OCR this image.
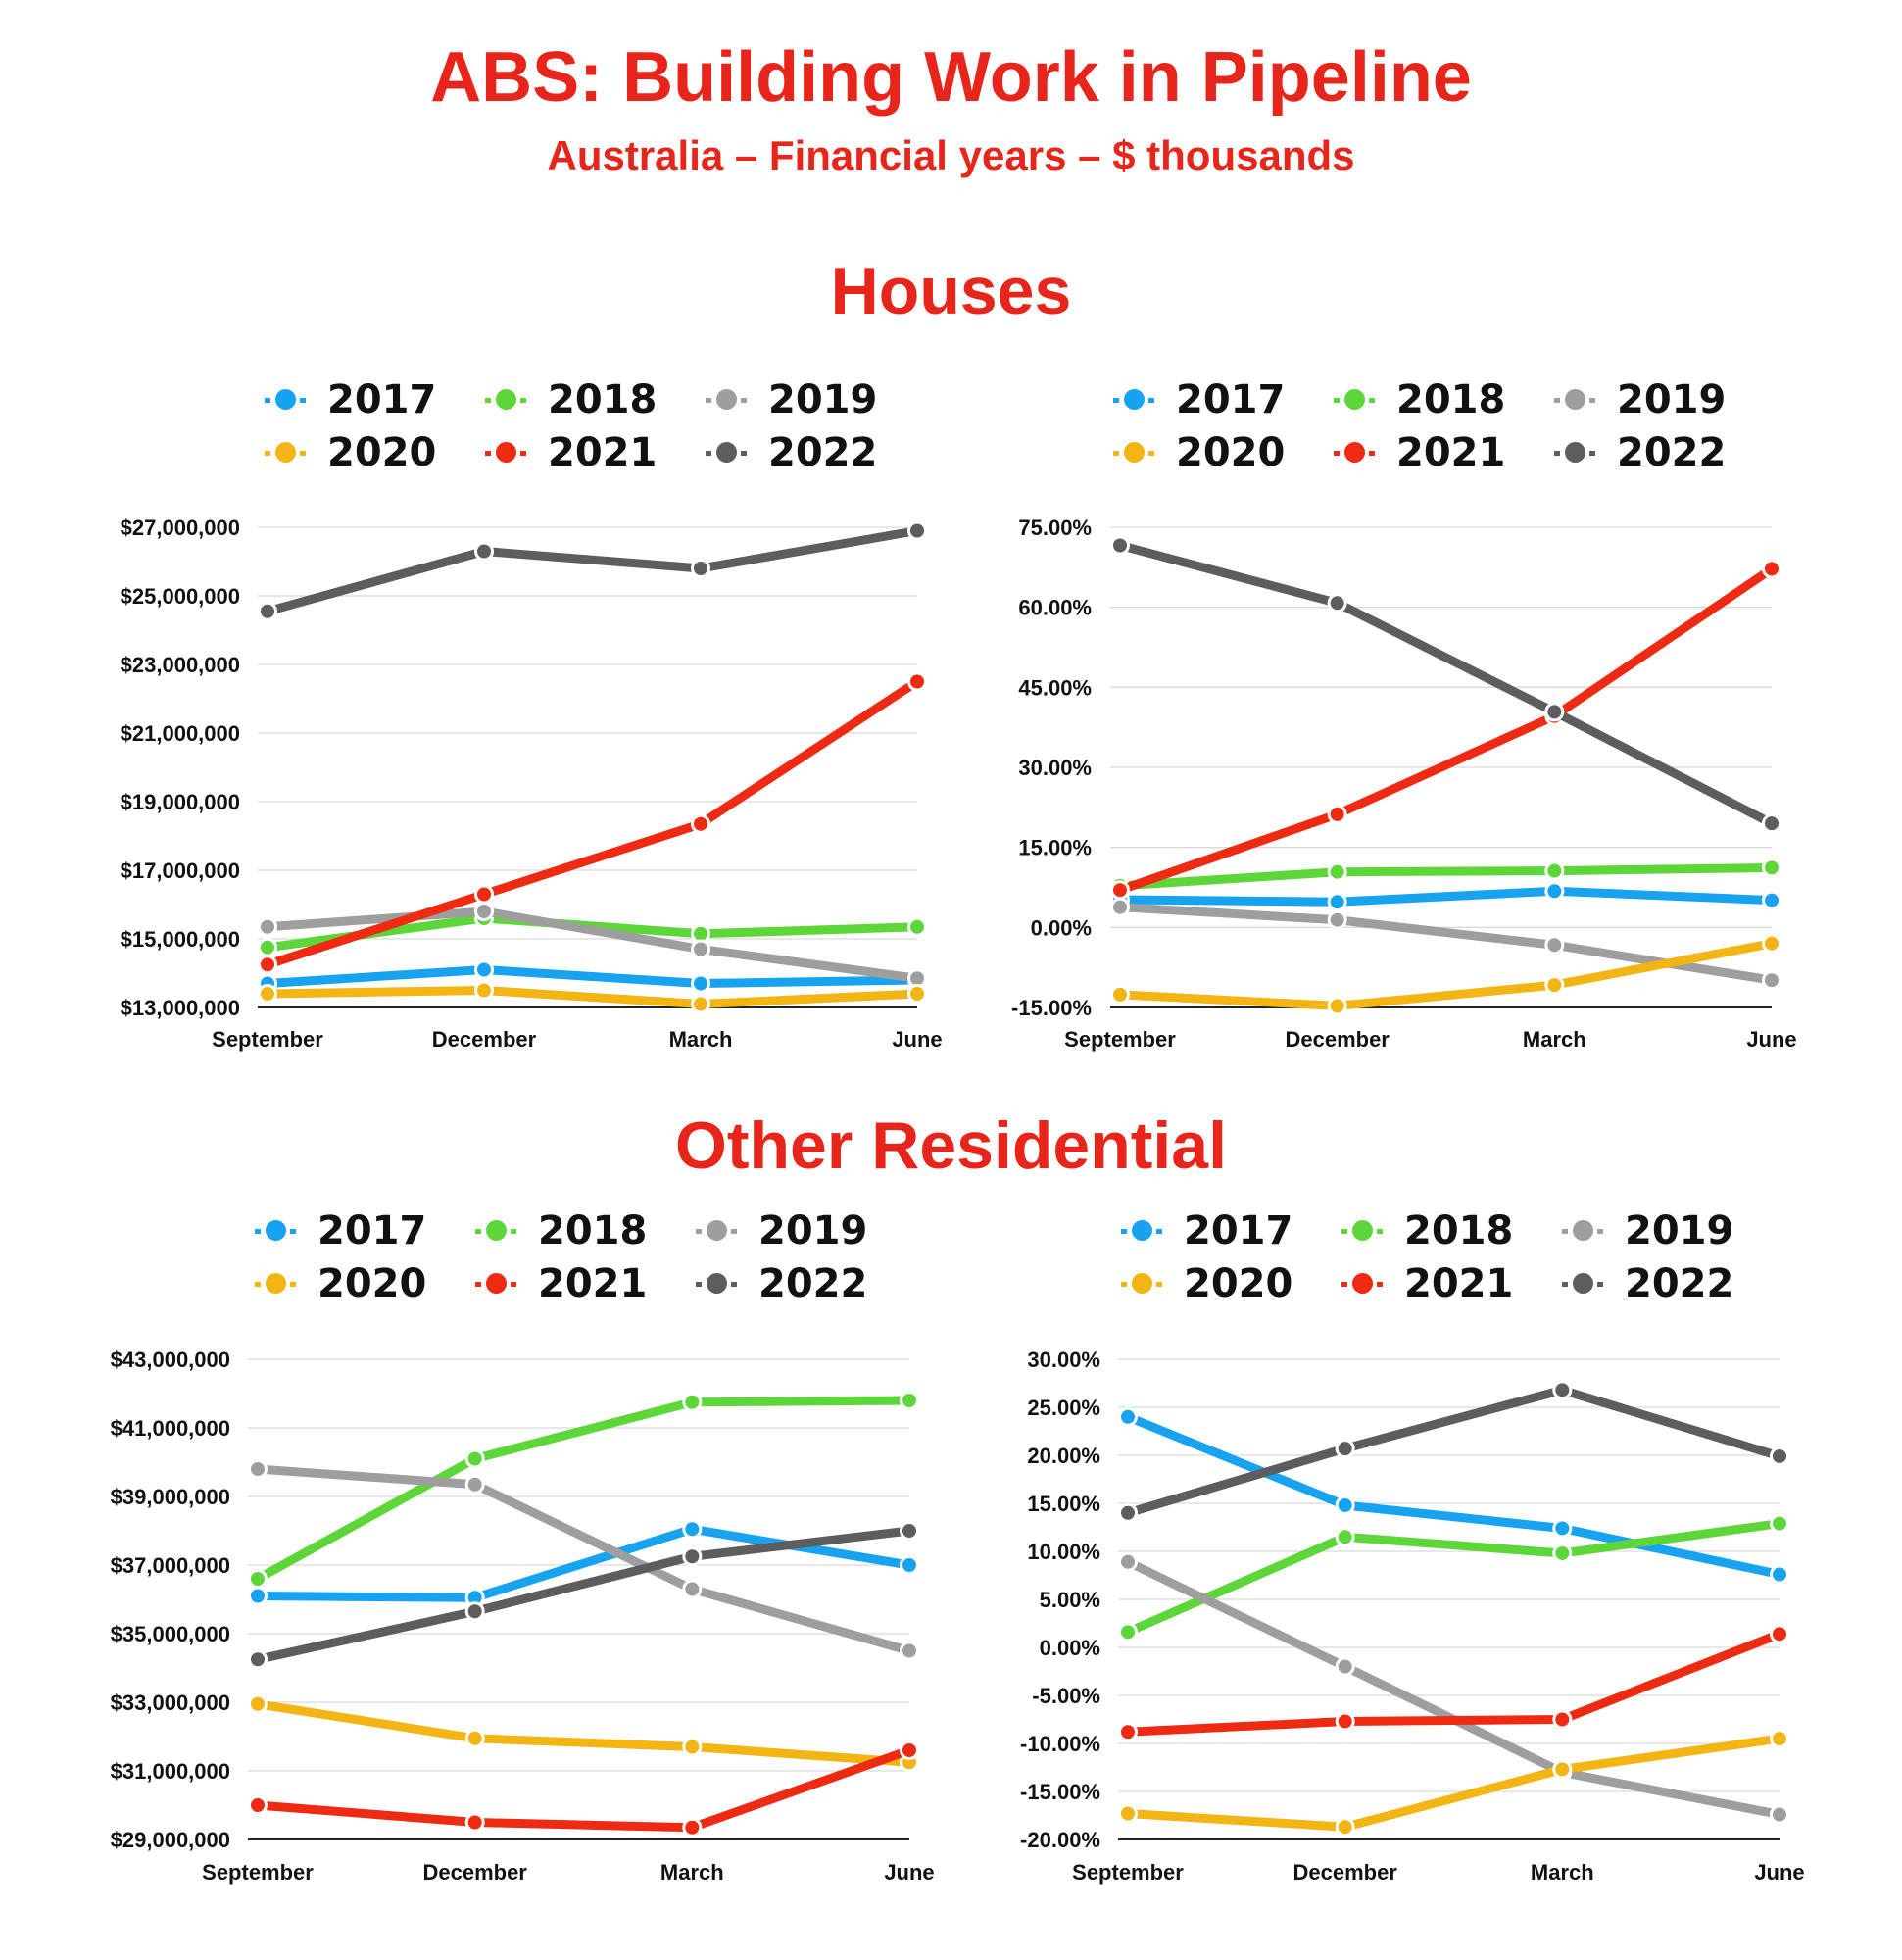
ABS: Building Work in Pipeline
Australia – Financial years – $ thousands
Houses
Other Residential
2017	2018	2019
2020	2021	2022
2017	2018	2019
2020	2021	2022
2017	2018	2019
2020	2021	2022
2017	2018	2019
2020	2021	2022
$13,000,000
$15,000,000
$17,000,000
$19,000,000
$21,000,000
$23,000,000
$25,000,000
$27,000,000
September	December	March	June
-15.00%
0.00%
15.00%
30.00%
45.00%
60.00%
75.00%
September	December	March	June
$29,000,000
$31,000,000
$33,000,000
$35,000,000
$37,000,000
$39,000,000
$41,000,000
$43,000,000
September	December	March	June
-20.00%
-15.00%
-10.00%
-5.00%
0.00%
5.00%
10.00%
15.00%
20.00%
25.00%
30.00%
September	December	March	June
